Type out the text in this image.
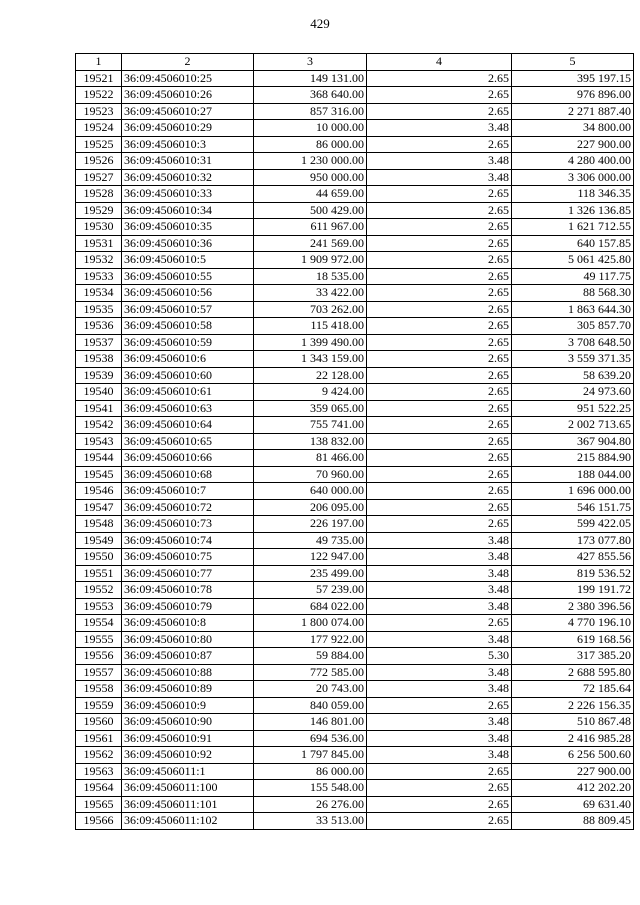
429
1	2	3	4	5
19521	36:09:4506010:25	149 131.00	2.65	395 197.15
19522	36:09:4506010:26	368 640.00	2.65	976 896.00
19523	36:09:4506010:27	857 316.00	2.65	2 271 887.40
19524	36:09:4506010:29	10 000.00	3.48	34 800.00
19525	36:09:4506010:3	86 000.00	2.65	227 900.00
19526	36:09:4506010:31	1 230 000.00	3.48	4 280 400.00
19527	36:09:4506010:32	950 000.00	3.48	3 306 000.00
19528	36:09:4506010:33	44 659.00	2.65	118 346.35
19529	36:09:4506010:34	500 429.00	2.65	1 326 136.85
19530	36:09:4506010:35	611 967.00	2.65	1 621 712.55
19531	36:09:4506010:36	241 569.00	2.65	640 157.85
19532	36:09:4506010:5	1 909 972.00	2.65	5 061 425.80
19533	36:09:4506010:55	18 535.00	2.65	49 117.75
19534	36:09:4506010:56	33 422.00	2.65	88 568.30
19535	36:09:4506010:57	703 262.00	2.65	1 863 644.30
19536	36:09:4506010:58	115 418.00	2.65	305 857.70
19537	36:09:4506010:59	1 399 490.00	2.65	3 708 648.50
19538	36:09:4506010:6	1 343 159.00	2.65	3 559 371.35
19539	36:09:4506010:60	22 128.00	2.65	58 639.20
19540	36:09:4506010:61	9 424.00	2.65	24 973.60
19541	36:09:4506010:63	359 065.00	2.65	951 522.25
19542	36:09:4506010:64	755 741.00	2.65	2 002 713.65
19543	36:09:4506010:65	138 832.00	2.65	367 904.80
19544	36:09:4506010:66	81 466.00	2.65	215 884.90
19545	36:09:4506010:68	70 960.00	2.65	188 044.00
19546	36:09:4506010:7	640 000.00	2.65	1 696 000.00
19547	36:09:4506010:72	206 095.00	2.65	546 151.75
19548	36:09:4506010:73	226 197.00	2.65	599 422.05
19549	36:09:4506010:74	49 735.00	3.48	173 077.80
19550	36:09:4506010:75	122 947.00	3.48	427 855.56
19551	36:09:4506010:77	235 499.00	3.48	819 536.52
19552	36:09:4506010:78	57 239.00	3.48	199 191.72
19553	36:09:4506010:79	684 022.00	3.48	2 380 396.56
19554	36:09:4506010:8	1 800 074.00	2.65	4 770 196.10
19555	36:09:4506010:80	177 922.00	3.48	619 168.56
19556	36:09:4506010:87	59 884.00	5.30	317 385.20
19557	36:09:4506010:88	772 585.00	3.48	2 688 595.80
19558	36:09:4506010:89	20 743.00	3.48	72 185.64
19559	36:09:4506010:9	840 059.00	2.65	2 226 156.35
19560	36:09:4506010:90	146 801.00	3.48	510 867.48
19561	36:09:4506010:91	694 536.00	3.48	2 416 985.28
19562	36:09:4506010:92	1 797 845.00	3.48	6 256 500.60
19563	36:09:4506011:1	86 000.00	2.65	227 900.00
19564	36:09:4506011:100	155 548.00	2.65	412 202.20
19565	36:09:4506011:101	26 276.00	2.65	69 631.40
19566	36:09:4506011:102	33 513.00	2.65	88 809.45
